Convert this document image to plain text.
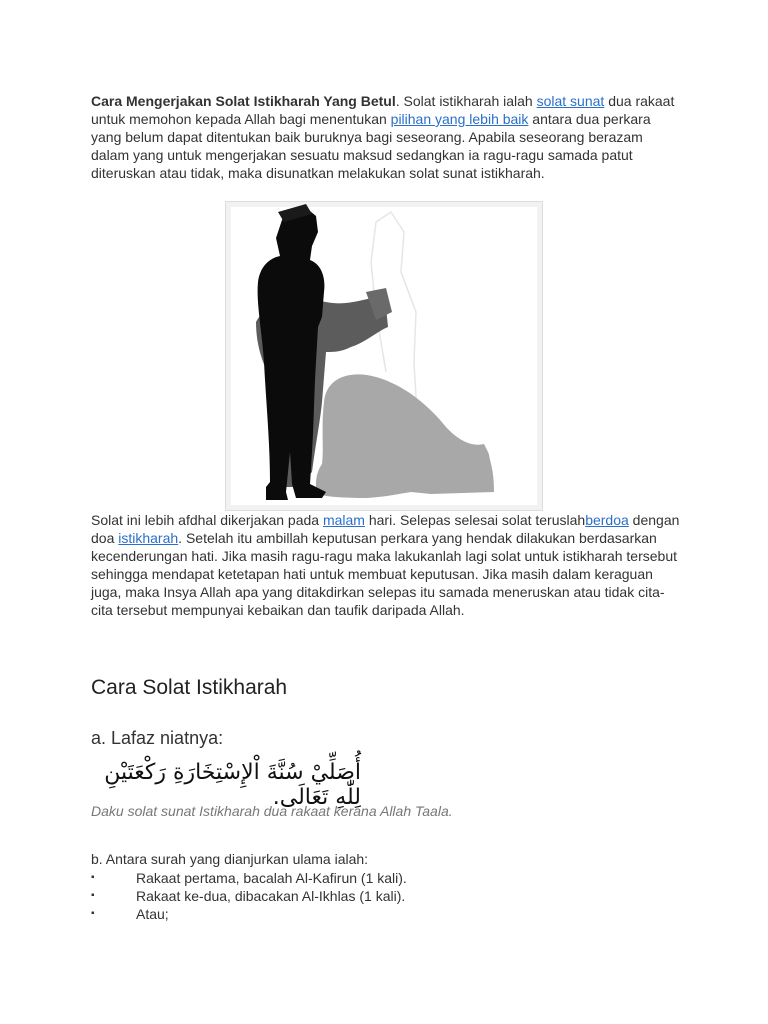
Cara Mengerjakan Solat Istikharah Yang Betul. Solat istikharah ialah solat sunat dua rakaat untuk memohon kepada Allah bagi menentukan pilihan yang lebih baik antara dua perkara yang belum dapat ditentukan baik buruknya bagi seseorang. Apabila seseorang berazam dalam yang untuk mengerjakan sesuatu maksud sedangkan ia ragu-ragu samada patut diteruskan atau tidak, maka disunatkan melakukan solat sunat istikharah.

Solat ini lebih afdhal dikerjakan pada malam hari. Selepas selesai solat teruslahberdoa dengan doa istikharah. Setelah itu ambillah keputusan perkara yang hendak dilakukan berdasarkan kecenderungan hati. Jika masih ragu-ragu maka lakukanlah lagi solat untuk istikharah tersebut sehingga mendapat ketetapan hati untuk membuat keputusan. Jika masih dalam keraguan juga, maka Insya Allah apa yang ditakdirkan selepas itu samada meneruskan atau tidak cita-cita tersebut mempunyai kebaikan dan taufik daripada Allah.

Cara Solat Istikharah

a. Lafaz niatnya:

أُصَلِّيْ سُنَّةَ اْلإِسْتِخَارَةِ رَكْعَتَيْنِ لِلّٰهِ تَعَالَى.

Daku solat sunat Istikharah dua rakaat kerana Allah Taala.

b. Antara surah yang dianjurkan ulama ialah:

▪	Rakaat pertama, bacalah Al-Kafirun (1 kali).
▪	Rakaat ke-dua, dibacakan Al-Ikhlas (1 kali).
▪	Atau;
